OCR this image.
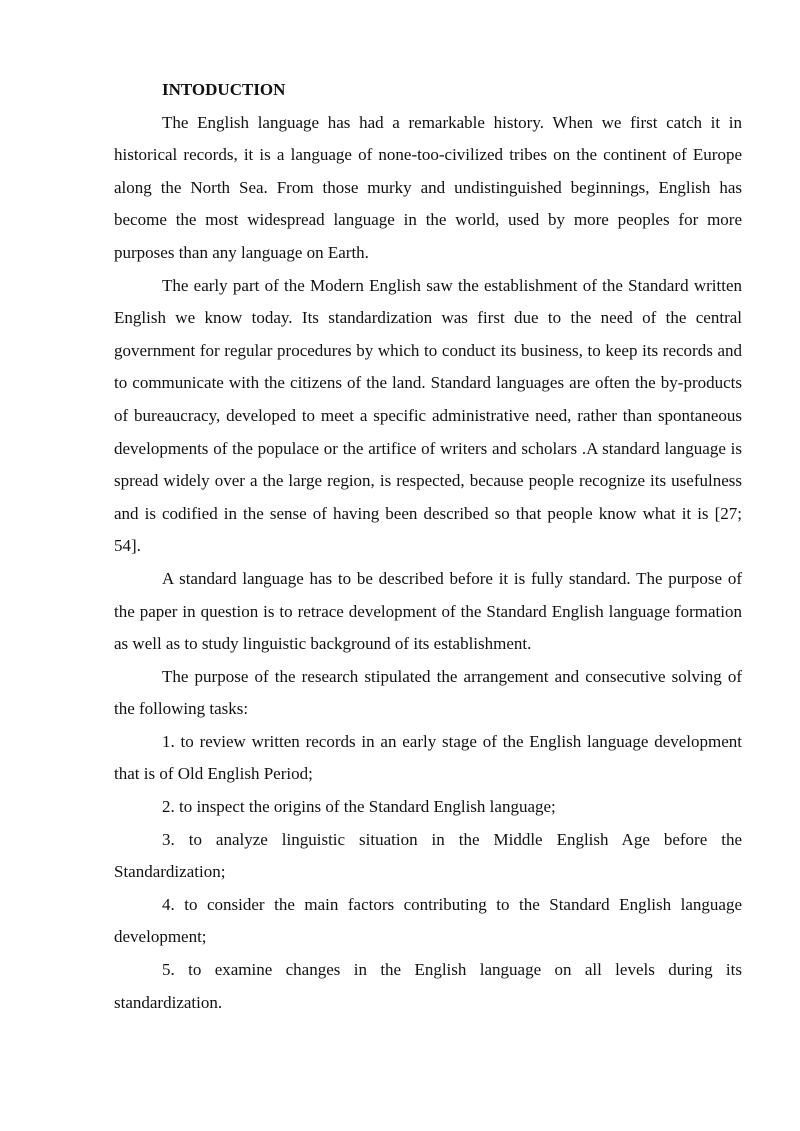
INTODUCTION

The English language has had a remarkable history. When we first catch it in historical records, it is a language of none-too-civilized tribes on the continent of Europe along the North Sea. From those murky and undistinguished beginnings, English has become the most widespread language in the world, used by more peoples for more purposes than any language on Earth.

The early part of the Modern English saw the establishment of the Standard written English we know today. Its standardization was first due to the need of the central government for regular procedures by which to conduct its business, to keep its records and to communicate with the citizens of the land. Standard languages are often the by-products of bureaucracy, developed to meet a specific administrative need, rather than spontaneous developments of the populace or the artifice of writers and scholars .A standard language is spread widely over a the large region, is respected, because people recognize its usefulness and is codified in the sense of having been described so that people know what it is [27; 54].

A standard language has to be described before it is fully standard. The purpose of the paper in question is to retrace development of the Standard English language formation as well as to study linguistic background of its establishment.

The purpose of the research stipulated the arrangement and consecutive solving of the following tasks:

1. to review written records in an early stage of the English language development that is of Old English Period;
2. to inspect the origins of the Standard English language;
3. to analyze linguistic situation in the Middle English Age before the Standardization;
4. to consider the main factors contributing to the Standard English language development;
5. to examine changes in the English language on all levels during its standardization.
